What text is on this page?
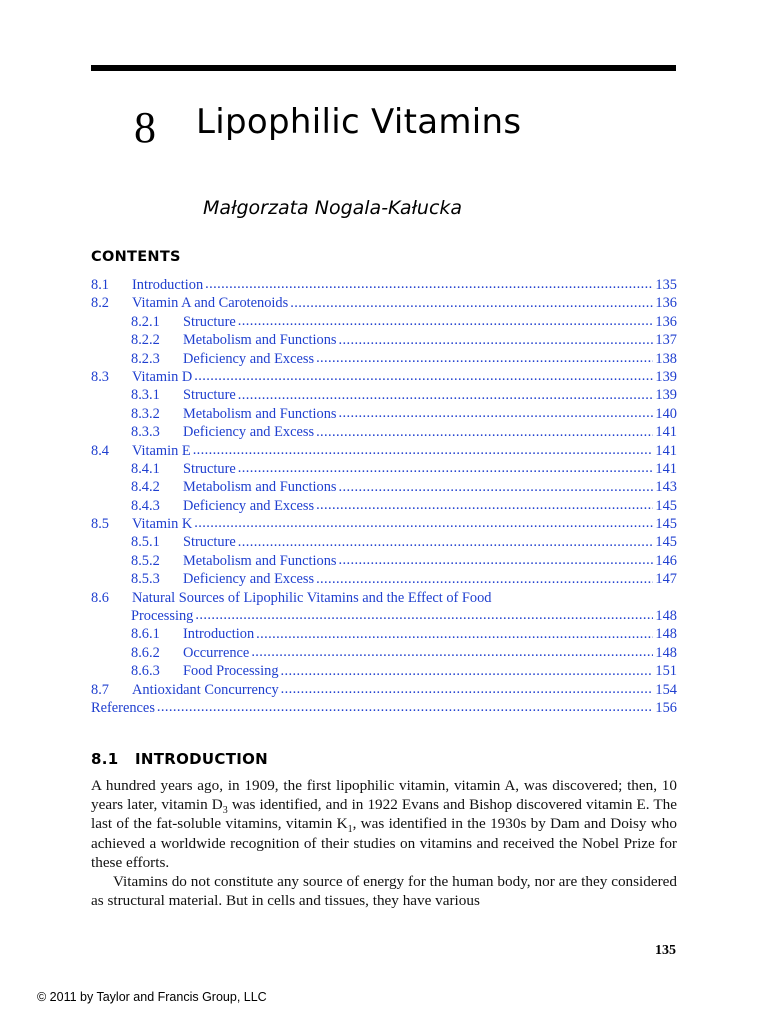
8 Lipophilic Vitamins
Małgorzata Nogala-Kałucka
CONTENTS
8.1	Introduction . . .	135
8.2	Vitamin A and Carotenoids . . .	136
8.2.1	Structure . . .	136
8.2.2	Metabolism and Functions . . .	137
8.2.3	Deficiency and Excess . . .	138
8.3	Vitamin D . . .	139
8.3.1	Structure . . .	139
8.3.2	Metabolism and Functions . . .	140
8.3.3	Deficiency and Excess . . .	141
8.4	Vitamin E . . .	141
8.4.1	Structure . . .	141
8.4.2	Metabolism and Functions . . .	143
8.4.3	Deficiency and Excess . . .	145
8.5	Vitamin K . . .	145
8.5.1	Structure . . .	145
8.5.2	Metabolism and Functions . . .	146
8.5.3	Deficiency and Excess . . .	147
8.6	Natural Sources of Lipophilic Vitamins and the Effect of Food
Processing . . .	148
8.6.1	Introduction . . .	148
8.6.2	Occurrence . . .	148
8.6.3	Food Processing . . .	151
8.7	Antioxidant Concurrency . . .	154
References . . .	156
8.1 INTRODUCTION

A hundred years ago, in 1909, the first lipophilic vitamin, vitamin A, was discovered; then, 10 years later, vitamin $D_3$ was identified, and in 1922 Evans and Bishop discovered vitamin E. The last of the fat-soluble vitamins, vitamin $K_1$, was identified in the 1930s by Dam and Doisy who achieved a worldwide recognition of their studies on vitamins and received the Nobel Prize for these efforts.

Vitamins do not constitute any source of energy for the human body, nor are they considered as structural material. But in cells and tissues, they have various

135
© 2011 by Taylor and Francis Group, LLC
